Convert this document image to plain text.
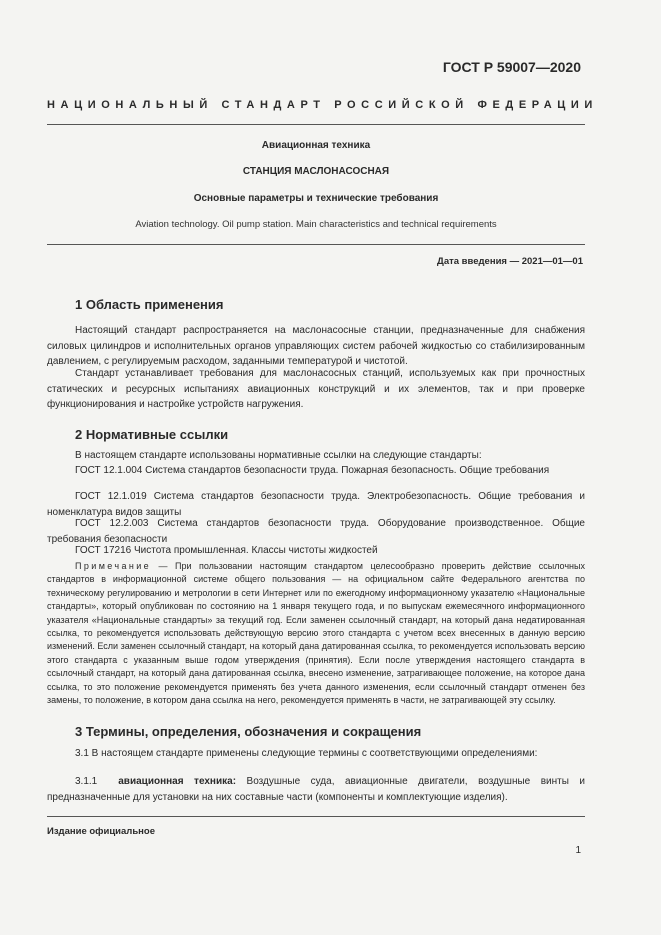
ГОСТ Р 59007—2020
НАЦИОНАЛЬНЫЙ СТАНДАРТ РОССИЙСКОЙ ФЕДЕРАЦИИ
Авиационная техника
СТАНЦИЯ МАСЛОНАСОСНАЯ
Основные параметры и технические требования
Aviation technology. Oil pump station. Main characteristics and technical requirements
Дата введения — 2021—01—01
1 Область применения
Настоящий стандарт распространяется на маслонасосные станции, предназначенные для снабжения силовых цилиндров и исполнительных органов управляющих систем рабочей жидкостью со стабилизированным давлением, с регулируемым расходом, заданными температурой и чистотой.
Стандарт устанавливает требования для маслонасосных станций, используемых как при прочностных статических и ресурсных испытаниях авиационных конструкций и их элементов, так и при проверке функционирования и настройке устройств нагружения.
2 Нормативные ссылки
В настоящем стандарте использованы нормативные ссылки на следующие стандарты:
ГОСТ 12.1.004 Система стандартов безопасности труда. Пожарная безопасность. Общие требования
ГОСТ 12.1.019 Система стандартов безопасности труда. Электробезопасность. Общие требования и номенклатура видов защиты
ГОСТ 12.2.003 Система стандартов безопасности труда. Оборудование производственное. Общие требования безопасности
ГОСТ 17216 Чистота промышленная. Классы чистоты жидкостей
Примечание — При пользовании настоящим стандартом целесообразно проверить действие ссылочных стандартов в информационной системе общего пользования — на официальном сайте Федерального агентства по техническому регулированию и метрологии в сети Интернет или по ежегодному информационному указателю «Национальные стандарты», который опубликован по состоянию на 1 января текущего года, и по выпускам ежемесячного информационного указателя «Национальные стандарты» за текущий год. Если заменен ссылочный стандарт, на который дана недатированная ссылка, то рекомендуется использовать действующую версию этого стандарта с учетом всех внесенных в данную версию изменений. Если заменен ссылочный стандарт, на который дана датированная ссылка, то рекомендуется использовать версию этого стандарта с указанным выше годом утверждения (принятия). Если после утверждения настоящего стандарта в ссылочный стандарт, на который дана датированная ссылка, внесено изменение, затрагивающее положение, на которое дана ссылка, то это положение рекомендуется применять без учета данного изменения, если ссылочный стандарт отменен без замены, то положение, в котором дана ссылка на него, рекомендуется применять в части, не затрагивающей эту ссылку.
3 Термины, определения, обозначения и сокращения
3.1 В настоящем стандарте применены следующие термины с соответствующими определениями:
3.1.1 авиационная техника: Воздушные суда, авиационные двигатели, воздушные винты и предназначенные для установки на них составные части (компоненты и комплектующие изделия).
Издание официальное
1
